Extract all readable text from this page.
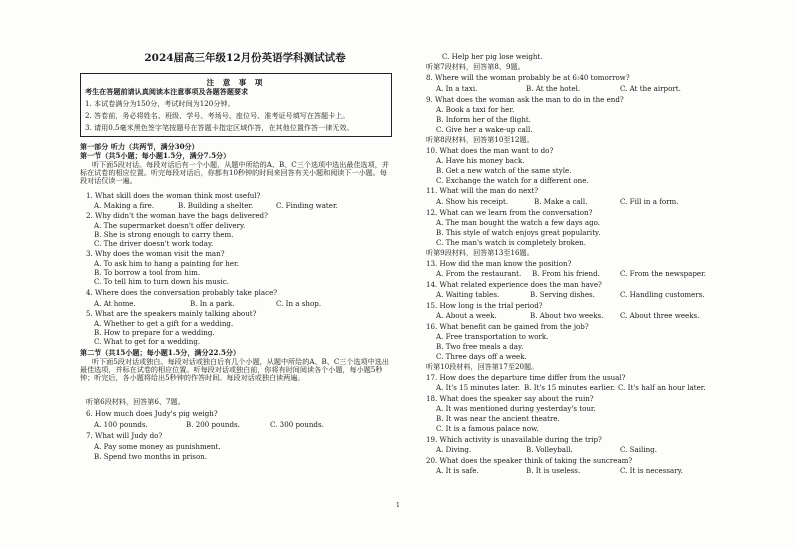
2024届高三年级12月份英语学科测试试卷
注 意 事 项
考生在答题前请认真阅读本注意事项及各题答题要求
1. 本试卷满分为150分，考试时间为120分钟。
2. 答卷前，务必将姓名、班级、学号、考场号、座位号、准考证号填写在答题卡上。
3. 请用0.5毫米黑色签字笔按题号在答题卡指定区域作答，在其他位置作答一律无效。
第一部分 听力（共两节，满分30分）
第一节（共5小题；每小题1.5分，满分7.5分）
听下面5段对话。每段对话后有一个小题，从题中所给的A、B、C三个选项中选出最佳选项，并标在试卷的相应位置。听完每段对话后，你都有10秒钟的时间来回答有关小题和阅读下一小题。每段对话仅读一遍。
1. What skill does the woman think most useful?
A. Making a fire.	B. Building a shelter.	C. Finding water.
2. Why didn't the woman have the bags delivered?
A. The supermarket doesn't offer delivery.
B. She is strong enough to carry them.
C. The driver doesn't work today.
3. Why does the woman visit the man?
A. To ask him to hang a painting for her.
B. To borrow a tool from him.
C. To tell him to turn down his music.
4. Where does the conversation probably take place?
A. At home.	B. In a park.	C. In a shop.
5. What are the speakers mainly talking about?
A. Whether to get a gift for a wedding.
B. How to prepare for a wedding.
C. What to get for a wedding.
第二节（共15小题；每小题1.5分，满分22.5分）
听下面5段对话或独白。每段对话或独白后有几个小题，从题中所给的A、B、C三个选项中选出最佳选项，并标在试卷的相应位置。听每段对话或独白前，你将有时间阅读各个小题，每小题5秒钟；听完后，各小题将给出5秒钟的作答时间。每段对话或独白读两遍。
听第6段材料，回答第6、7题。
6. How much does Judy's pig weigh?
A. 100 pounds.	B. 200 pounds.	C. 300 pounds.
7. What will Judy do?
A. Pay some money as punishment.
B. Spend two months in prison.
C. Help her pig lose weight.
听第7段材料，回答第8、9题。
8. Where will the woman probably be at 6:40 tomorrow?
A. In a taxi.	B. At the hotel.	C. At the airport.
9. What does the woman ask the man to do in the end?
A. Book a taxi for her.
B. Inform her of the flight.
C. Give her a wake-up call.
听第8段材料，回答第10至12题。
10. What does the man want to do?
A. Have his money back.
B. Get a new watch of the same style.
C. Exchange the watch for a different one.
11. What will the man do next?
A. Show his receipt.	B. Make a call.	C. Fill in a form.
12. What can we learn from the conversation?
A. The man bought the watch a few days ago.
B. This style of watch enjoys great popularity.
C. The man's watch is completely broken.
听第9段材料，回答第13至16题。
13. How did the man know the position?
A. From the restaurant. B. From his friend.	C. From the newspaper.
14. What related experience does the man have?
A. Waiting tables.	B. Serving dishes.	C. Handling customers.
15. How long is the trial period?
A. About a week.	B. About two weeks. C. About three weeks.
16. What benefit can be gained from the job?
A. Free transportation to work.
B. Two free meals a day.
C. Three days off a week.
听第10段材料，回答第17至20题。
17. How does the departure time differ from the usual?
A. It's 15 minutes later. B. It's 15 minutes earlier. C. It's half an hour later.
18. What does the speaker say about the ruin?
A. It was mentioned during yesterday's tour.
B. It was near the ancient theatre.
C. It is a famous palace now.
19. Which activity is unavailable during the trip?
A. Diving.	B. Volleyball.	C. Sailing.
20. What does the speaker think of taking the suncream?
A. It is safe.	B. It is useless.	C. It is necessary.
1
